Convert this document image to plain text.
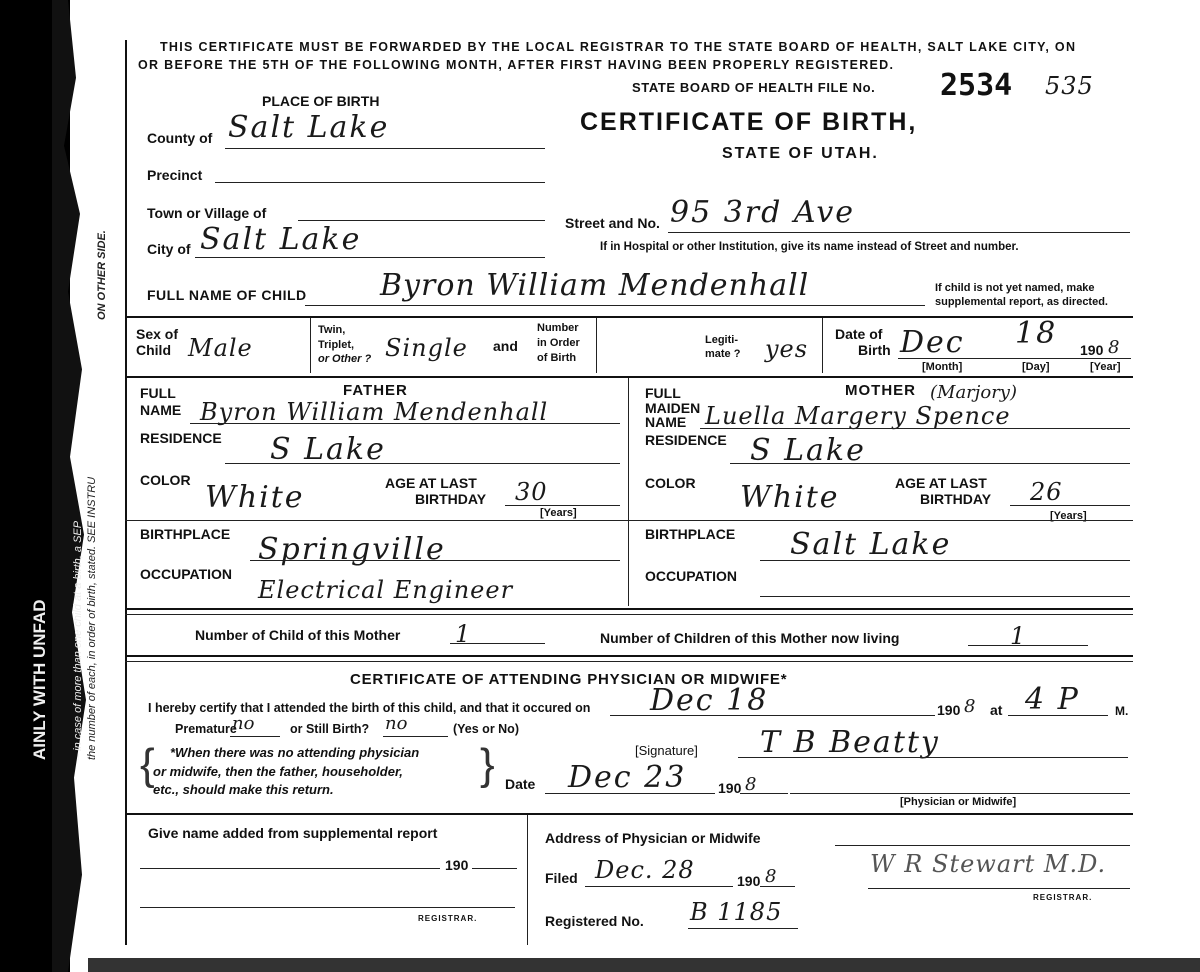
AINLY WITH UNFAD – in case of more than one child at a birth, a SEP the number of each, in order of birth, stated. SEE INSTRU
ON OTHER SIDE.
THIS CERTIFICATE MUST BE FORWARDED BY THE LOCAL REGISTRAR TO THE STATE BOARD OF HEALTH, SALT LAKE CITY, ON
OR BEFORE THE 5TH OF THE FOLLOWING MONTH, AFTER FIRST HAVING BEEN PROPERLY REGISTERED.
STATE BOARD OF HEALTH FILE No. 2534 535
CERTIFICATE OF BIRTH,
STATE OF UTAH.
PLACE OF BIRTH
County of Salt Lake
Precinct
Town or Village of
City of Salt Lake	Street and No. 95 3rd Ave
If in Hospital or other Institution, give its name instead of Street and number.
FULL NAME OF CHILD Byron William Mendenhall	If child is not yet named, make
supplemental report, as directed.
Sex of
Child Male
Twin,
Triplet,
or Other ? Single and
Number
in Order
of Birth
Legiti-
mate ? yes
Date of
Birth Dec 18 190 8
[Month]	[Day]	[Year]
FATHER
FULL
NAME Byron William Mendenhall
RESIDENCE S Lake
COLOR White	AGE AT LAST
BIRTHDAY 30
[Years]
BIRTHPLACE Springville
OCCUPATION
Electrical Engineer
MOTHER
FULL
MAIDEN
NAME Luella Margery Spence
(Marjory)
RESIDENCE S Lake
COLOR White	AGE AT LAST
BIRTHDAY 26
[Years]
BIRTHPLACE Salt Lake
OCCUPATION
Number of Child of this Mother 1	Number of Children of this Mother now living	1
CERTIFICATE OF ATTENDING PHYSICIAN OR MIDWIFE*
I hereby certify that I attended the birth of this child, and that it occured on Dec 18	190 8 at 4 P	M.
Premature
no	or Still Birth? no	(Yes or No)
{ *When there was no attending physician
or midwife, then the father, householder,
etc., should make this return.
}	[Signature] T B Beatty
Date Dec 23 190 8
[Physician or Midwife]
Give name added from supplemental report
190
REGISTRAR.
Address of Physician or Midwife
Filed Dec. 28	190 8	W R Stewart M.D.
REGISTRAR.
Registered No. B 1185
